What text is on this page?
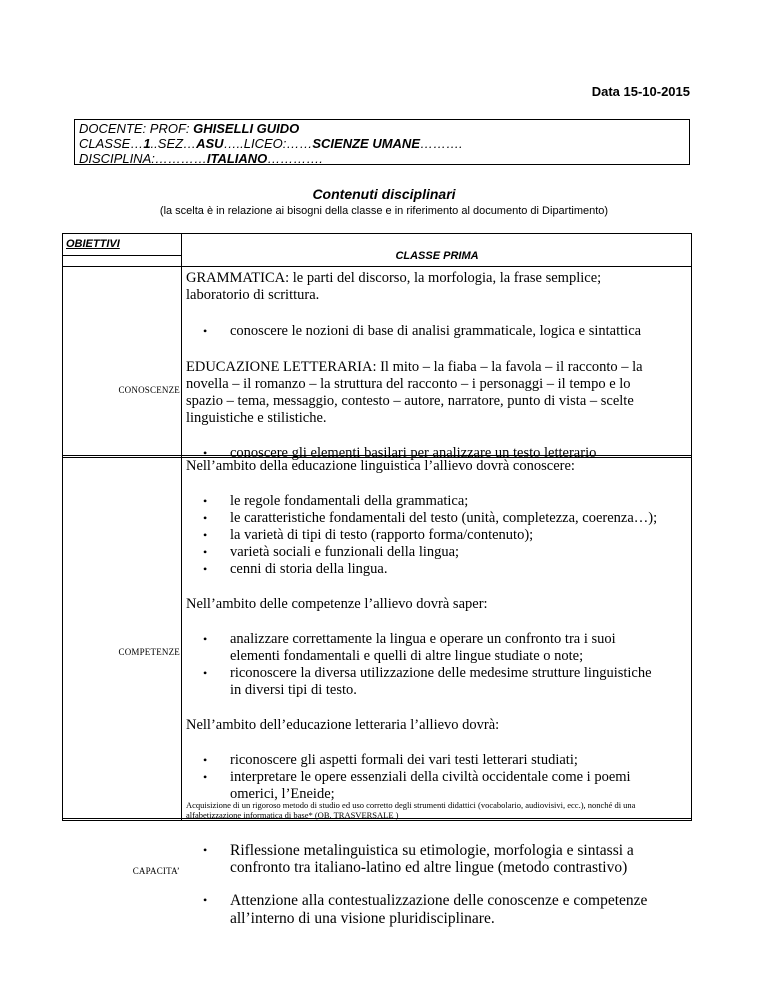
Data 15-10-2015
DOCENTE: PROF: GHISELLI GUIDO
CLASSE…1..SEZ…ASU…..LICEO:……SCIENZE UMANE……….
DISCIPLINA:…………ITALIANO………….
Contenuti disciplinari
(la scelta è in relazione ai bisogni della classe e in riferimento al documento di Dipartimento)
OBIETTIVI
CLASSE PRIMA
CONOSCENZE

GRAMMATICA: le parti del discorso, la morfologia, la frase semplice; laboratorio di scrittura.

• conoscere le nozioni di base di analisi grammaticale, logica e sintattica

EDUCAZIONE LETTERARIA: Il mito – la fiaba – la favola – il racconto – la novella – il romanzo – la struttura del racconto – i personaggi – il tempo e lo spazio – tema, messaggio, contesto – autore, narratore, punto di vista – scelte linguistiche e stilistiche.

• conoscere gli elementi basilari per analizzare un testo letterario

COMPETENZE

Nell’ambito della educazione linguistica l’allievo dovrà conoscere:

• le regole fondamentali della grammatica;

• le caratteristiche fondamentali del testo (unità, completezza, coerenza…);

• la varietà di tipi di testo (rapporto forma/contenuto);

• varietà sociali e funzionali della lingua;

• cenni di storia della lingua.

Nell’ambito delle competenze l’allievo dovrà saper:

• analizzare correttamente la lingua e operare un confronto tra i suoi elementi fondamentali e quelli di altre lingue studiate o note;

• riconoscere la diversa utilizzazione delle medesime strutture linguistiche in diversi tipi di testo.

Nell’ambito dell’educazione letteraria l’allievo dovrà:

• riconoscere gli aspetti formali dei vari testi letterari studiati;

• interpretare le opere essenziali della civiltà occidentale come i poemi omerici, l’Eneide;

Acquisizione di un rigoroso metodo di studio ed uso corretto degli strumenti didattici (vocabolario, audiovisivi, ecc.), nonché di una alfabetizzazione informatica di base* (OB. TRASVERSALE )
CAPACITA’

• Riflessione metalinguistica su etimologie, morfologia e sintassi a confronto tra italiano-latino ed altre lingue (metodo contrastivo)

• Attenzione alla contestualizzazione delle conoscenze e competenze all’interno di una visione pluridisciplinare.
